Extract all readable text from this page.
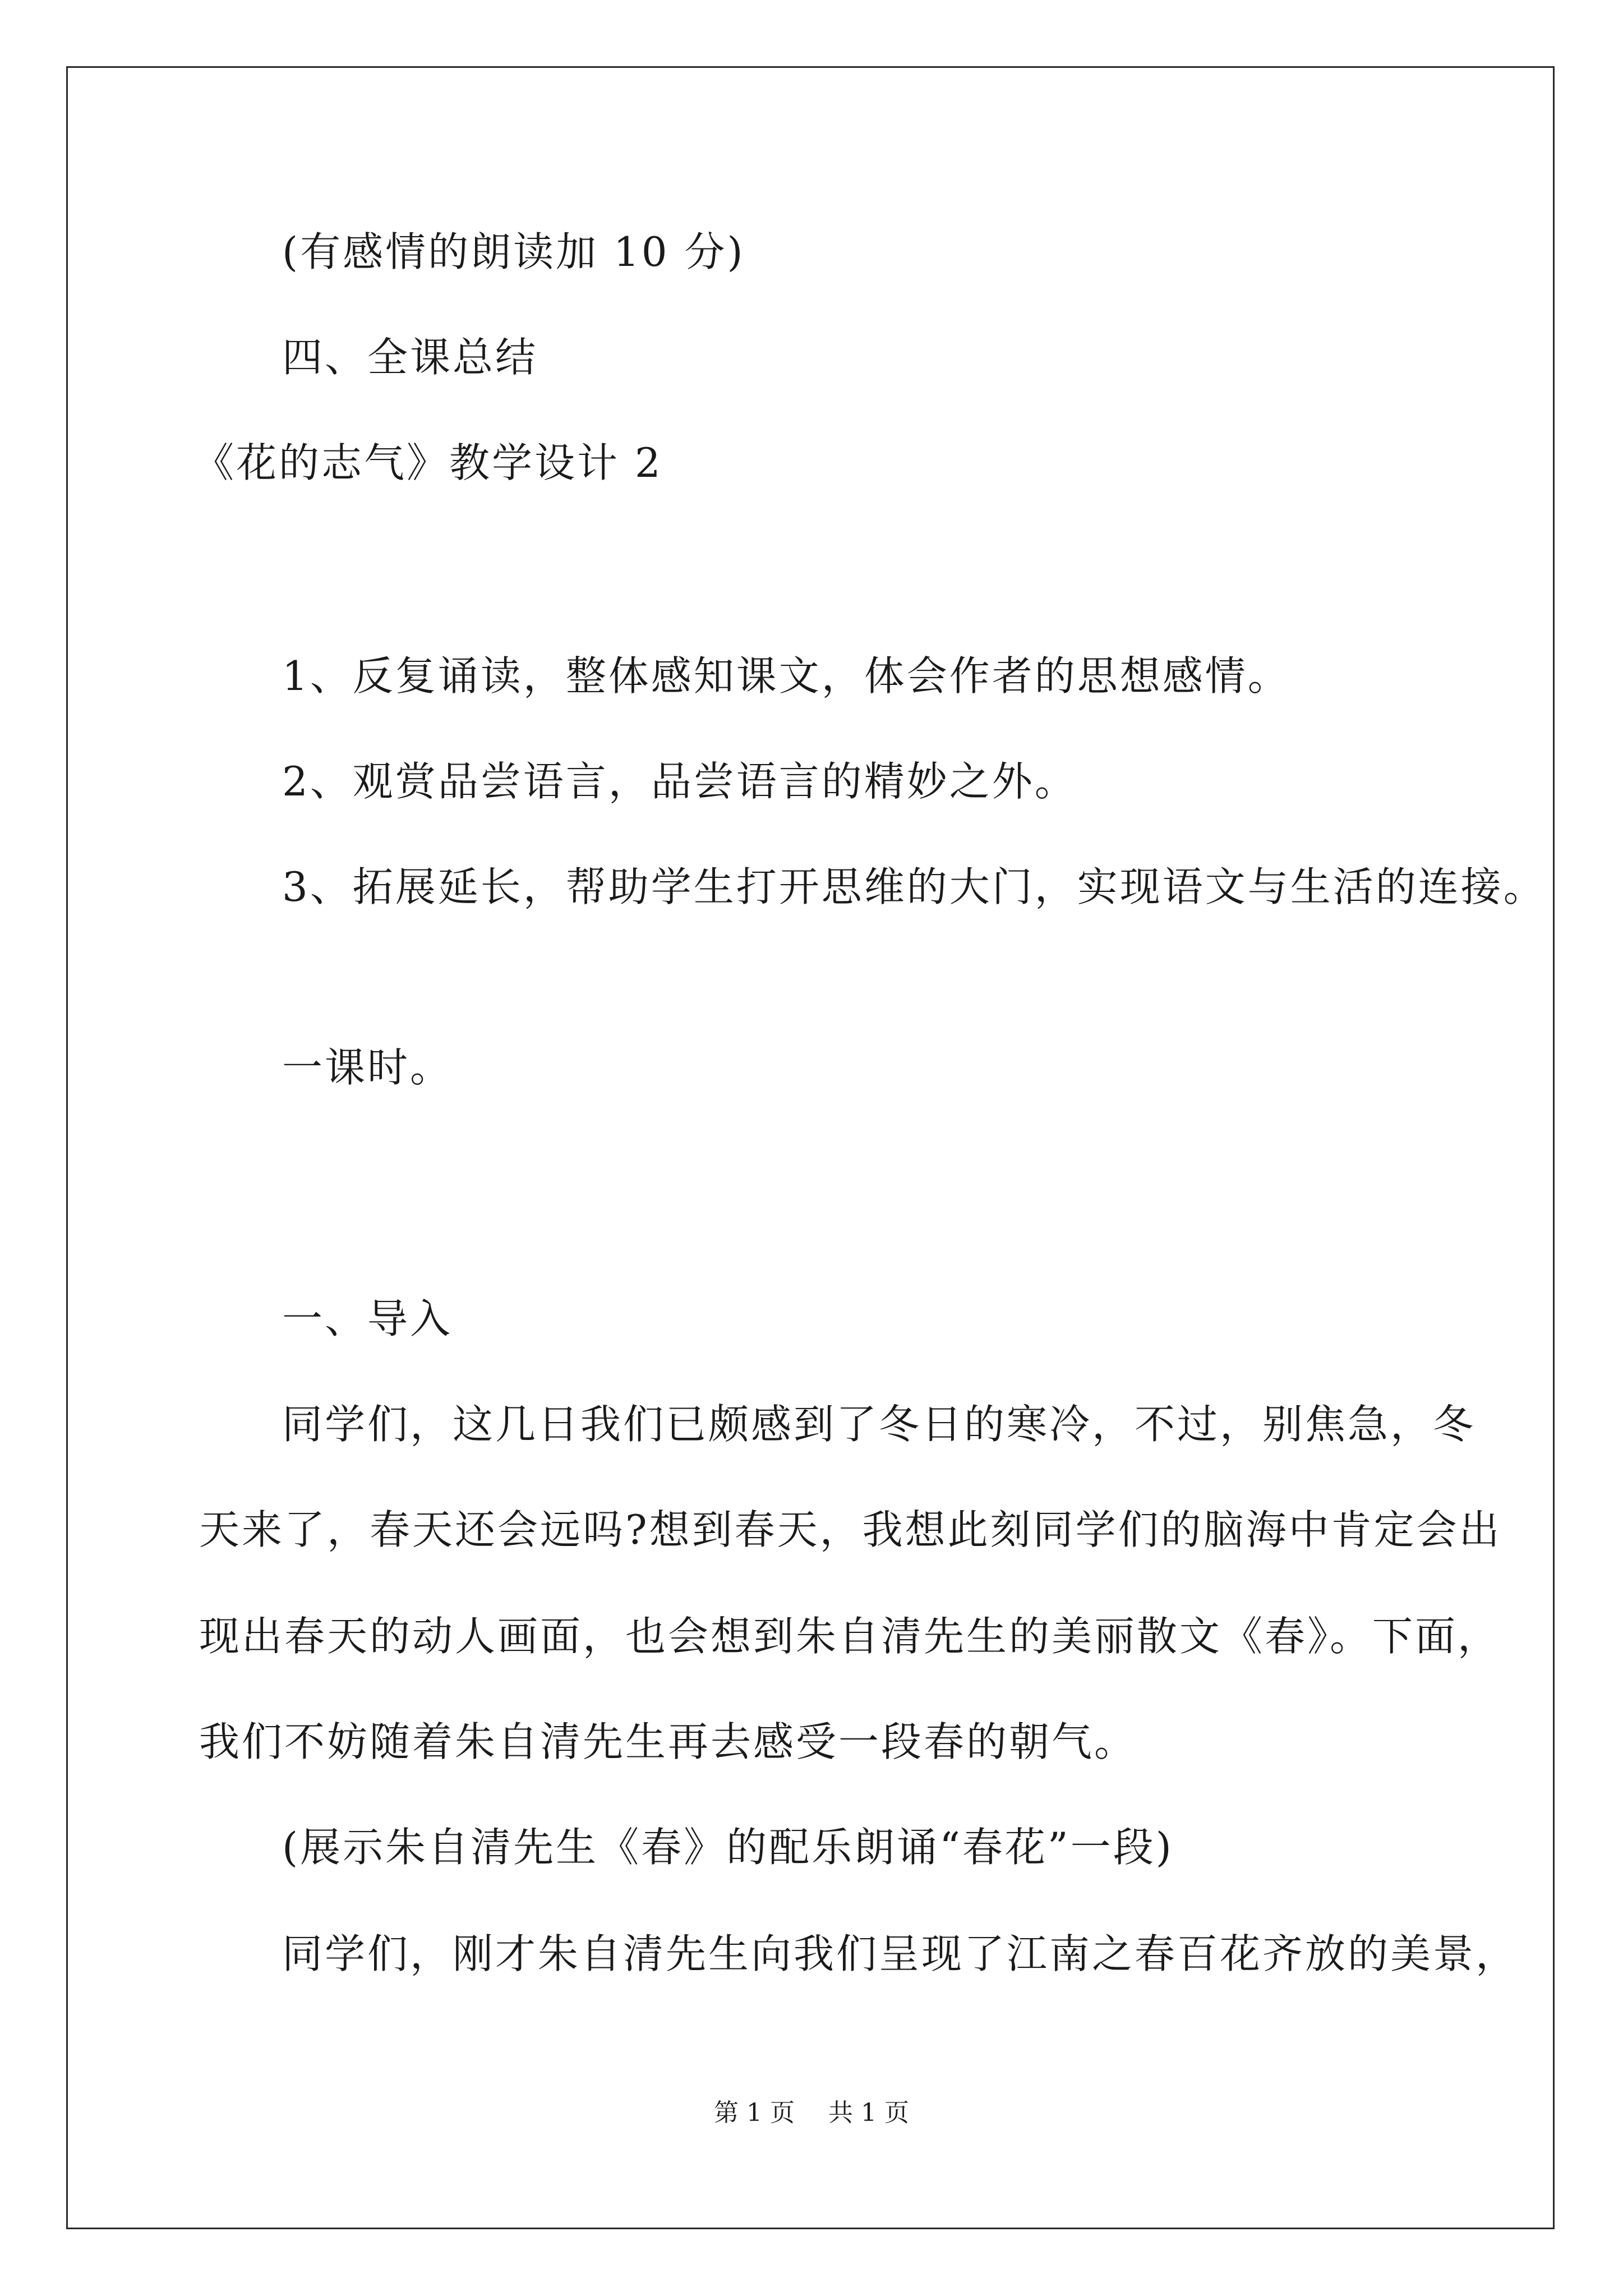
(有感情的朗读加 10 分)
四、全课总结
《花的志气》教学设计 2
1、反复诵读，整体感知课文，体会作者的思想感情。
2、观赏品尝语言，品尝语言的精妙之外。
3、拓展延长，帮助学生打开思维的大门，实现语文与生活的连接。
一课时。
一、导入
同学们，这几日我们已颇感到了冬日的寒冷，不过，别焦急，冬
天来了，春天还会远吗?想到春天，我想此刻同学们的脑海中肯定会出
现出春天的动人画面，也会想到朱自清先生的美丽散文《春》。下面，
我们不妨随着朱自清先生再去感受一段春的朝气。
(展示朱自清先生《春》的配乐朗诵“春花”一段)
同学们，刚才朱自清先生向我们呈现了江南之春百花齐放的美景，
第 1 页 共 1 页
